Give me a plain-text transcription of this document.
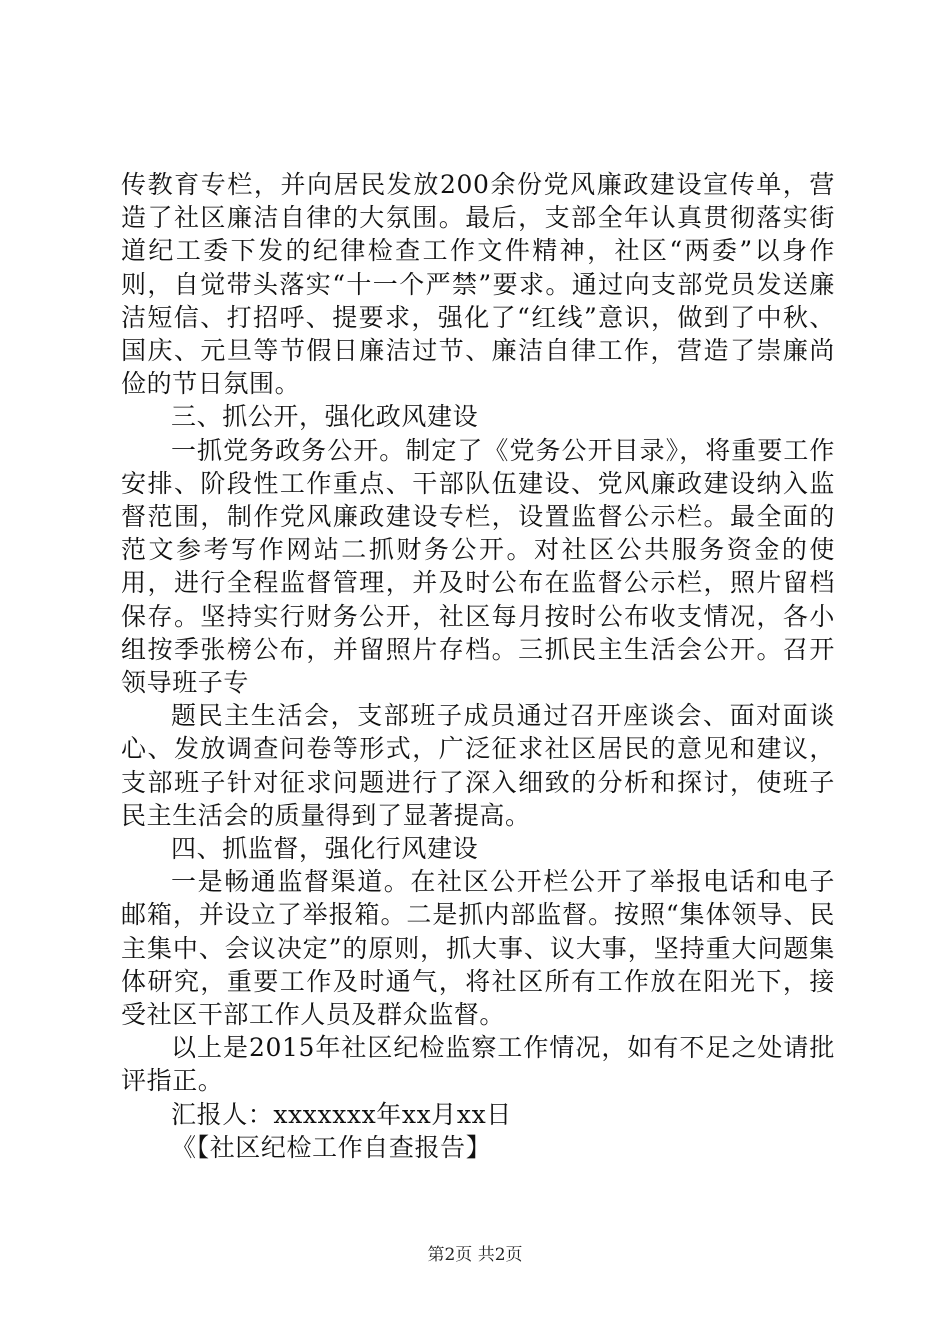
传教育专栏，并向居民发放200余份党风廉政建设宣传单，营造了社区廉洁自律的大氛围。最后，支部全年认真贯彻落实街道纪工委下发的纪律检查工作文件精神，社区“两委”以身作则，自觉带头落实“十一个严禁”要求。通过向支部党员发送廉洁短信、打招呼、提要求，强化了“红线”意识，做到了中秋、国庆、元旦等节假日廉洁过节、廉洁自律工作，营造了崇廉尚俭的节日氛围。

三、抓公开，强化政风建设

一抓党务政务公开。制定了《党务公开目录》，将重要工作安排、阶段性工作重点、干部队伍建设、党风廉政建设纳入监督范围，制作党风廉政建设专栏，设置监督公示栏。最全面的范文参考写作网站二抓财务公开。对社区公共服务资金的使用，进行全程监督管理，并及时公布在监督公示栏，照片留档保存。坚持实行财务公开，社区每月按时公布收支情况，各小组按季张榜公布，并留照片存档。三抓民主生活会公开。召开领导班子专

题民主生活会，支部班子成员通过召开座谈会、面对面谈心、发放调查问卷等形式，广泛征求社区居民的意见和建议，支部班子针对征求问题进行了深入细致的分析和探讨，使班子民主生活会的质量得到了显著提高。

四、抓监督，强化行风建设

一是畅通监督渠道。在社区公开栏公开了举报电话和电子邮箱，并设立了举报箱。二是抓内部监督。按照“集体领导、民主集中、会议决定”的原则，抓大事、议大事，坚持重大问题集体研究，重要工作及时通气，将社区所有工作放在阳光下，接受社区干部工作人员及群众监督。

以上是2015年社区纪检监察工作情况，如有不足之处请批评指正。

汇报人：xxxxxxx年xx月xx日

《【社区纪检工作自查报告】

第2页 共2页
